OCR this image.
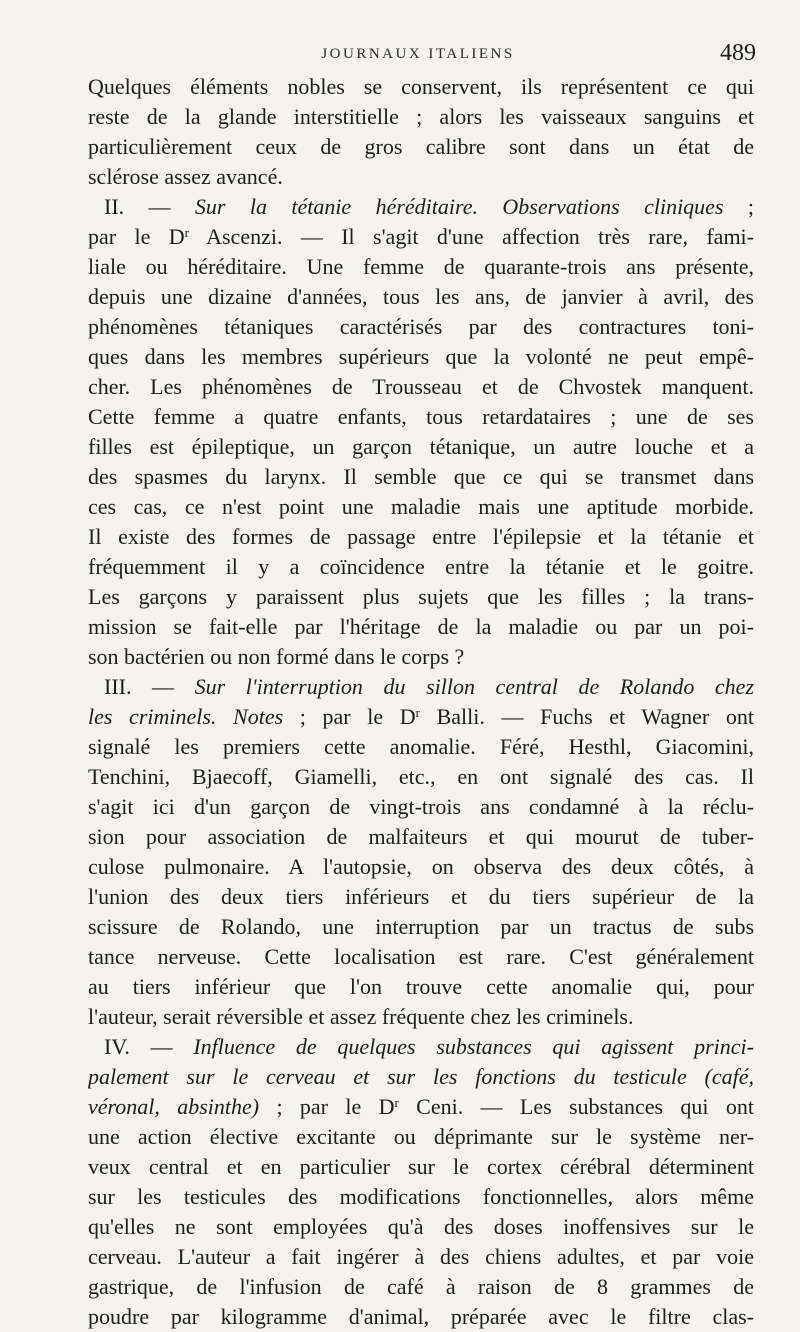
JOURNAUX ITALIENS	489
Quelques éléments nobles se conservent, ils représentent ce qui
reste de la glande interstitielle ; alors les vaisseaux sanguins et
particulièrement ceux de gros calibre sont dans un état de
sclérose assez avancé.
II. — Sur la tétanie héréditaire. Observations cliniques ;
par le $D^r$ Ascenzi. — Il s'agit d'une affection très rare, fami-
liale ou héréditaire. Une femme de quarante-trois ans présente,
depuis une dizaine d'années, tous les ans, de janvier à avril, des
phénomènes tétaniques caractérisés par des contractures toni-
ques dans les membres supérieurs que la volonté ne peut empê-
cher. Les phénomènes de Trousseau et de Chvostek manquent.
Cette femme a quatre enfants, tous retardataires ; une de ses
filles est épileptique, un garçon tétanique, un autre louche et a
des spasmes du larynx. Il semble que ce qui se transmet dans
ces cas, ce n'est point une maladie mais une aptitude morbide.
Il existe des formes de passage entre l'épilepsie et la tétanie et
fréquemment il y a coïncidence entre la tétanie et le goitre.
Les garçons y paraissent plus sujets que les filles ; la trans-
mission se fait-elle par l'héritage de la maladie ou par un poi-
son bactérien ou non formé dans le corps ?
III. — Sur l'interruption du sillon central de Rolando chez
les criminels. Notes ; par le $D^r$ Balli. — Fuchs et Wagner ont
signalé les premiers cette anomalie. Féré, Hesthl, Giacomini,
Tenchini, Bjaecoff, Giamelli, etc., en ont signalé des cas. Il
s'agit ici d'un garçon de vingt-trois ans condamné à la réclu-
sion pour association de malfaiteurs et qui mourut de tuber-
culose pulmonaire. A l'autopsie, on observa des deux côtés, à
l'union des deux tiers inférieurs et du tiers supérieur de la
scissure de Rolando, une interruption par un tractus de subs
tance nerveuse. Cette localisation est rare. C'est généralement
au tiers inférieur que l'on trouve cette anomalie qui, pour
l'auteur, serait réversible et assez fréquente chez les criminels.
IV. — Influence de quelques substances qui agissent princi-
palement sur le cerveau et sur les fonctions du testicule (café,
véronal, absinthe) ; par le $D^r$ Ceni. — Les substances qui ont
une action élective excitante ou déprimante sur le système ner-
veux central et en particulier sur le cortex cérébral déterminent
sur les testicules des modifications fonctionnelles, alors même
qu'elles ne sont employées qu'à des doses inoffensives sur le
cerveau. L'auteur a fait ingérer à des chiens adultes, et par voie
gastrique, de l'infusion de café à raison de 8 grammes de
poudre par kilogramme d'animal, préparée avec le filtre clas-
